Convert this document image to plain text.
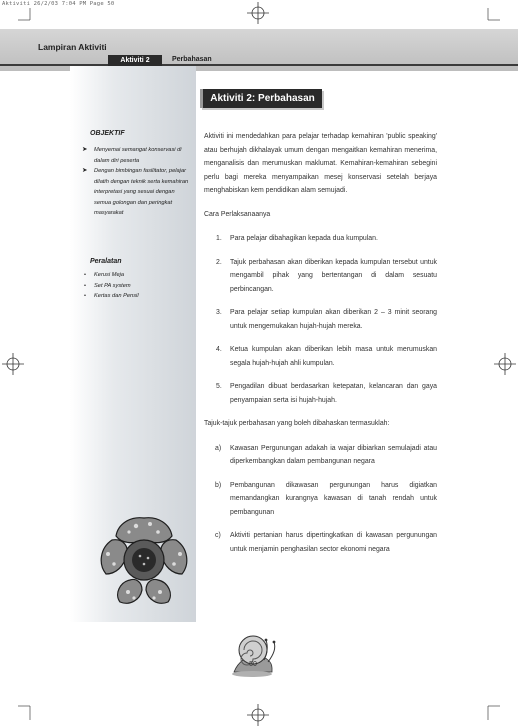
Aktiviti 26/2/03 7:04 PM Page 50
Lampiran Aktiviti
Aktiviti 2	Perbahasan
OBJEKTIF
➤ Menyemai semangat konservasi di dalam diri peserta
➤ Dengan bimbingan fasilitator, pelajar dilatih dengan teknik serta kemahiran interpretasi yang sesuai dengan semua golongan dan peringkat masyarakat
Peralatan
• Kerusi Meja
• Set PA system
• Kertas dan Pensil
Aktiviti 2: Perbahasan

Aktiviti ini mendedahkan para pelajar terhadap kemahiran 'public speaking' atau berhujah dikhalayak umum dengan mengaitkan kemahiran menerima, menganalisis dan merumuskan maklumat. Kemahiran-kemahiran sebegini perlu bagi mereka menyampaikan mesej konservasi setelah berjaya menghabiskan kem pendidikan alam semujadi.

Cara Perlaksanaanya

1. Para pelajar dibahagikan kepada dua kumpulan.
2. Tajuk perbahasan akan diberikan kepada kumpulan tersebut untuk mengambil pihak yang bertentangan di dalam sesuatu perbincangan.
3. Para pelajar setiap kumpulan akan diberikan 2 – 3 minit seorang untuk mengemukakan hujah-hujah mereka.
4. Ketua kumpulan akan diberikan lebih masa untuk merumuskan segala hujah-hujah ahli kumpulan.
5. Pengadilan dibuat berdasarkan ketepatan, kelancaran dan gaya penyampaian serta isi hujah-hujah.

Tajuk-tajuk perbahasan yang boleh dibahaskan termasuklah:

a) Kawasan Pergunungan adakah ia wajar dibiarkan semulajadi atau diperkembangkan dalam pembangunan negara
b) Pembangunan dikawasan pergunungan harus digiatkan memandangkan kurangnya kawasan di tanah rendah untuk pembangunan
c) Aktiviti pertanian harus dipertingkatkan di kawasan pergunungan untuk menjamin penghasilan sector ekonomi negara
50
